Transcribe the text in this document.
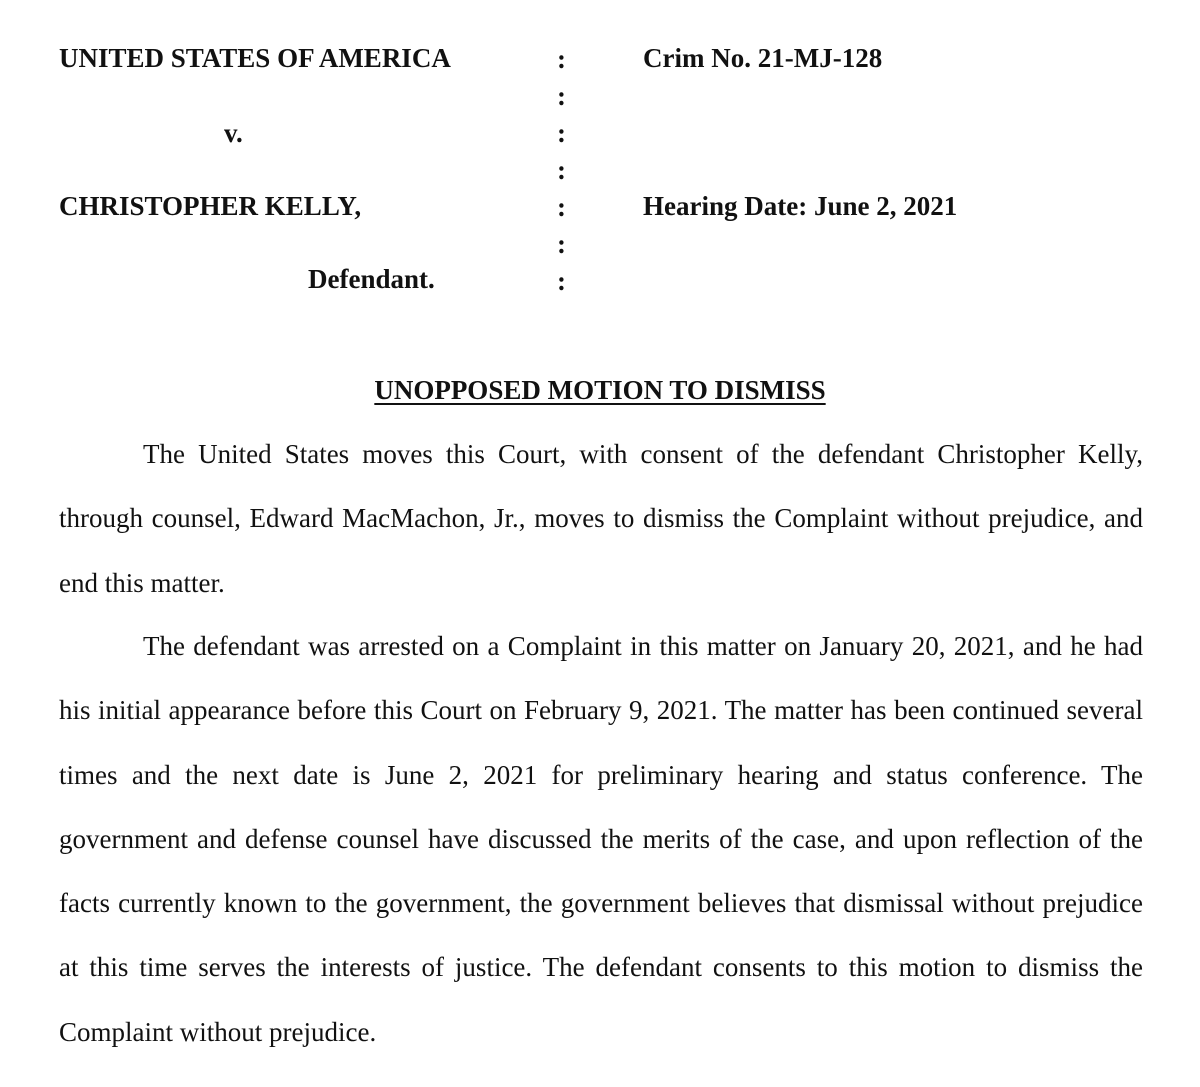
UNITED STATES OF AMERICA
v.
CHRISTOPHER KELLY,
Defendant.
:
:
:
:
:
:
:
Crim No. 21-MJ-128
Hearing Date: June 2, 2021
UNOPPOSED MOTION TO DISMISS

The United States moves this Court, with consent of the defendant Christopher Kelly, through counsel, Edward MacMachon, Jr., moves to dismiss the Complaint without prejudice, and end this matter.

The defendant was arrested on a Complaint in this matter on January 20, 2021, and he had his initial appearance before this Court on February 9, 2021. The matter has been continued several times and the next date is June 2, 2021 for preliminary hearing and status conference. The government and defense counsel have discussed the merits of the case, and upon reflection of the facts currently known to the government, the government believes that dismissal without prejudice at this time serves the interests of justice. The defendant consents to this motion to dismiss the Complaint without prejudice.
